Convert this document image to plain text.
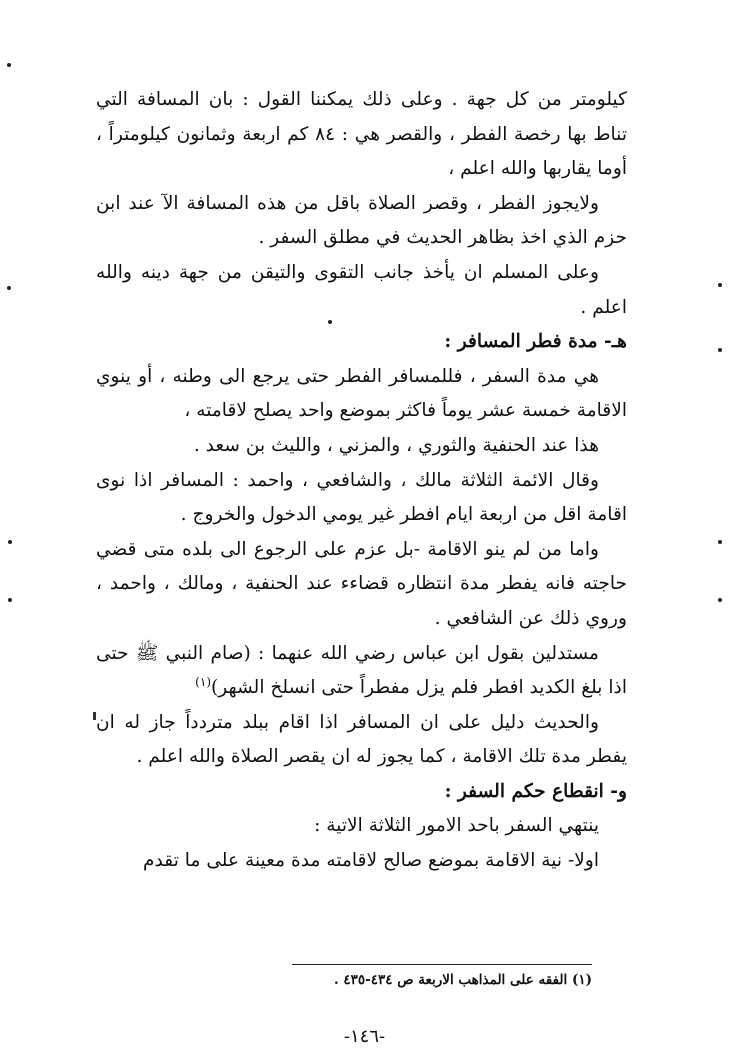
كيلومتر من كل جهة . وعلى ذلك يمكننا القول : بان المسافة التي تناط بها رخصة الفطر ، والقصر هي : ٨٤ كم اربعة وثمانون كيلومتراً ، أوما يقاربها والله اعلم ،

ولايجوز الفطر ، وقصر الصلاة باقل من هذه المسافة الآ عند ابن حزم الذي اخذ بظاهر الحديث في مطلق السفر .

وعلى المسلم ان يأخذ جانب التقوى والتيقن من جهة دينه والله اعلم .

هـ- مدة فطر المسافر :

هي مدة السفر ، فللمسافر الفطر حتى يرجع الى وطنه ، أو ينوي الاقامة خمسة عشر يوماً فاكثر بموضع واحد يصلح لاقامته ،

هذا عند الحنفية والثوري ، والمزني ، والليث بن سعد .

وقال الائمة الثلاثة مالك ، والشافعي ، واحمد : المسافر اذا نوى اقامة اقل من اربعة ايام افطر غير يومي الدخول والخروج .

واما من لم ينو الاقامة -بل عزم على الرجوع الى بلده متى قضي حاجته فانه يفطر مدة انتظاره قضاءء عند الحنفية ، ومالك ، واحمد ، وروي ذلك عن الشافعي .

مستدلين بقول ابن عباس رضي الله عنهما : (صام النبي ﷺ حتى اذا بلغ الكديد افطر فلم يزل مفطراً حتى انسلخ الشهر)$^{(١)}$

والحديث دليل على ان المسافر اذا اقام ببلد متردداً جاز له ان يفطر مدة تلك الاقامة ، كما يجوز له ان يقصر الصلاة والله اعلم .

و- انقطاع حكم السفر :

ينتهي السفر باحد الامور الثلاثة الاتية :

اولا- نية الاقامة بموضع صالح لاقامته مدة معينة على ما تقدم

(١) الفقه على المذاهب الاربعة ص ٤٣٤-٤٣٥ .
-١٤٦-
